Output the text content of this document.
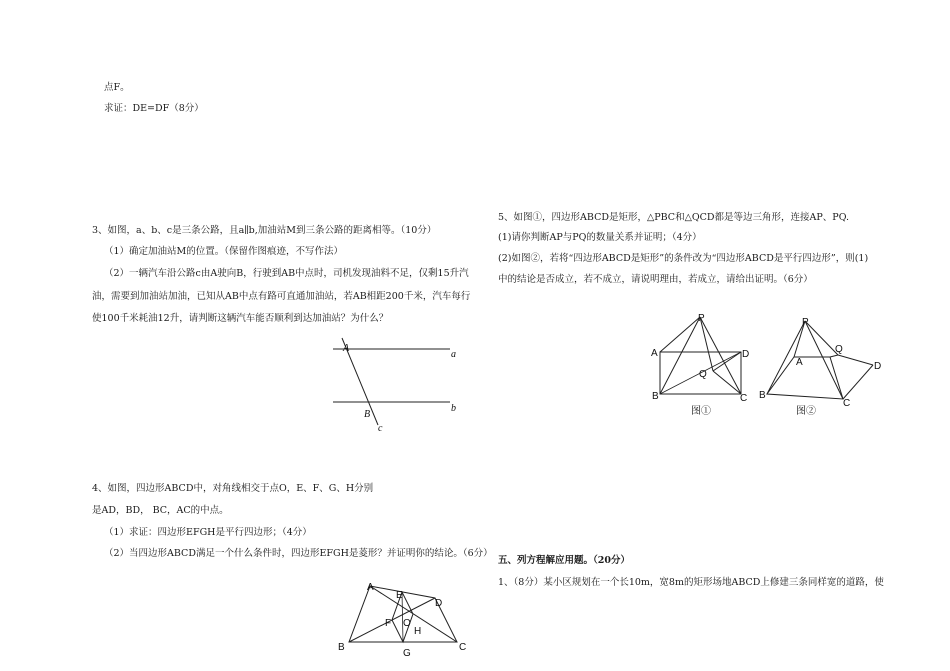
点F。
求证：DE=DF（8分）
3、如图，a、b、c是三条公路，且a∥b,加油站M到三条公路的距离相等。（10分）
（1）确定加油站M的位置。（保留作图痕迹，不写作法）
（2）一辆汽车沿公路c由A驶向B，行驶到AB中点时，司机发现油料不足，仅剩15升汽
油，需要到加油站加油，已知从AB中点有路可直通加油站，若AB相距200千米，汽车每行
使100千米耗油12升，请判断这辆汽车能否顺利到达加油站？为什么？
A
B
a
b
c
4、如图，四边形ABCD中，对角线相交于点O，E、F、G、H分别
是AD，BD， BC，AC的中点。
（1）求证：四边形EFGH是平行四边形；（4分）
（2）当四边形ABCD满足一个什么条件时，四边形EFGH是菱形？并证明你的结论。（6分）
A
B	C
D
E
F
G
H
O
5、如图①，四边形ABCD是矩形，△PBC和△QCD都是等边三角形，连接AP、PQ.
(1)请你判断AP与PQ的数量关系并证明；（4分）
(2)如图②，若将“四边形ABCD是矩形”的条件改为“四边形ABCD是平行四边形”，则(1)
中的结论是否成立，若不成立，请说明理由，若成立，请给出证明。（6分）
P
A
B	C
D
Q
图①
P
A
B
C
D
Q
图②
五、列方程解应用题。（20分）
1、（8分）某小区规划在一个长10m，宽8m的矩形场地ABCD上修建三条同样宽的道路，使
